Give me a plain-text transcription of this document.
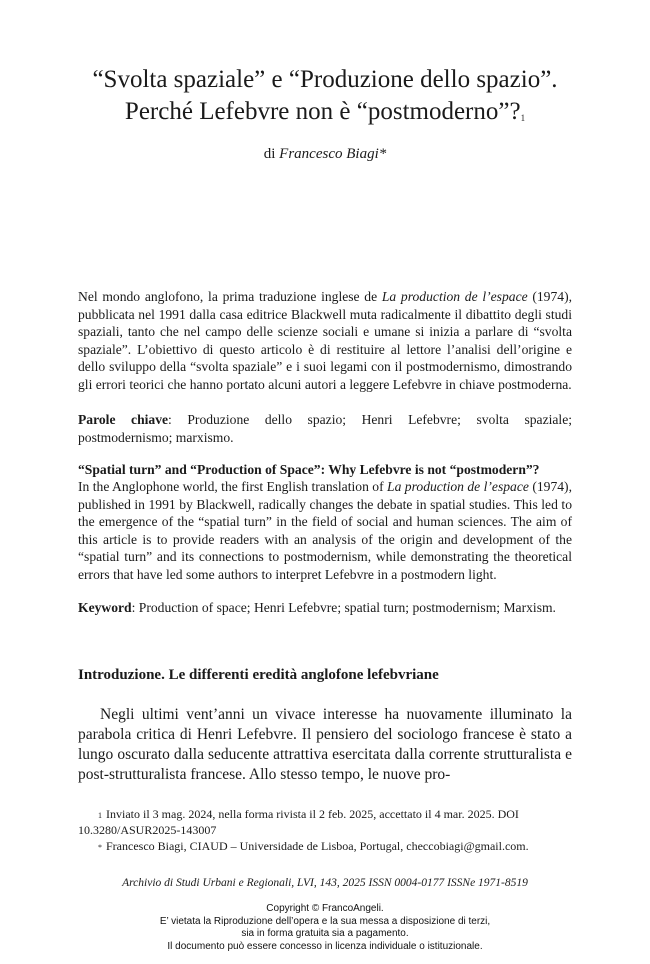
“Svolta spaziale” e “Produzione dello spazio”.
Perché Lefebvre non è “postmoderno”?$^1$
di Francesco Biagi*

Nel mondo anglofono, la prima traduzione inglese de La production de l’espace (1974), pubblicata nel 1991 dalla casa editrice Blackwell muta radicalmente il dibattito degli studi spaziali, tanto che nel campo delle scienze sociali e umane si inizia a parlare di “svolta spaziale”. L’obiettivo di questo articolo è di restituire al lettore l’analisi dell’origine e dello sviluppo della “svolta spaziale” e i suoi legami con il postmodernismo, dimostrando gli errori teorici che hanno portato alcuni autori a leggere Lefebvre in chiave postmoderna.

Parole chiave: Produzione dello spazio; Henri Lefebvre; svolta spaziale; postmodernismo; marxismo.

“Spatial turn” and “Production of Space”: Why Lefebvre is not “postmodern”?

In the Anglophone world, the first English translation of La production de l’espace (1974), published in 1991 by Blackwell, radically changes the debate in spatial studies. This led to the emergence of the “spatial turn” in the field of social and human sciences. The aim of this article is to provide readers with an analysis of the origin and development of the “spatial turn” and its connections to postmodernism, while demonstrating the theoretical errors that have led some authors to interpret Lefebvre in a postmodern light.

Keyword: Production of space; Henri Lefebvre; spatial turn; postmodernism; Marxism.

Introduzione. Le differenti eredità anglofone lefebvriane

Negli ultimi vent’anni un vivace interesse ha nuovamente illuminato la parabola critica di Henri Lefebvre. Il pensiero del sociologo francese è stato a lungo oscurato dalla seducente attrattiva esercitata dalla corrente strutturalista e post-strutturalista francese. Allo stesso tempo, le nuove pro-

$^1$ Inviato il 3 mag. 2024, nella forma rivista il 2 feb. 2025, accettato il 4 mar. 2025. DOI 10.3280/ASUR2025-143007

* Francesco Biagi, CIAUD – Universidade de Lisboa, Portugal, checcobiagi@gmail.com.

Archivio di Studi Urbani e Regionali, LVI, 143, 2025 ISSN 0004-0177 ISSNe 1971-8519
Copyright © FrancoAngeli.
E’ vietata la Riproduzione dell’opera e la sua messa a disposizione di terzi,
sia in forma gratuita sia a pagamento.
Il documento può essere concesso in licenza individuale o istituzionale.
